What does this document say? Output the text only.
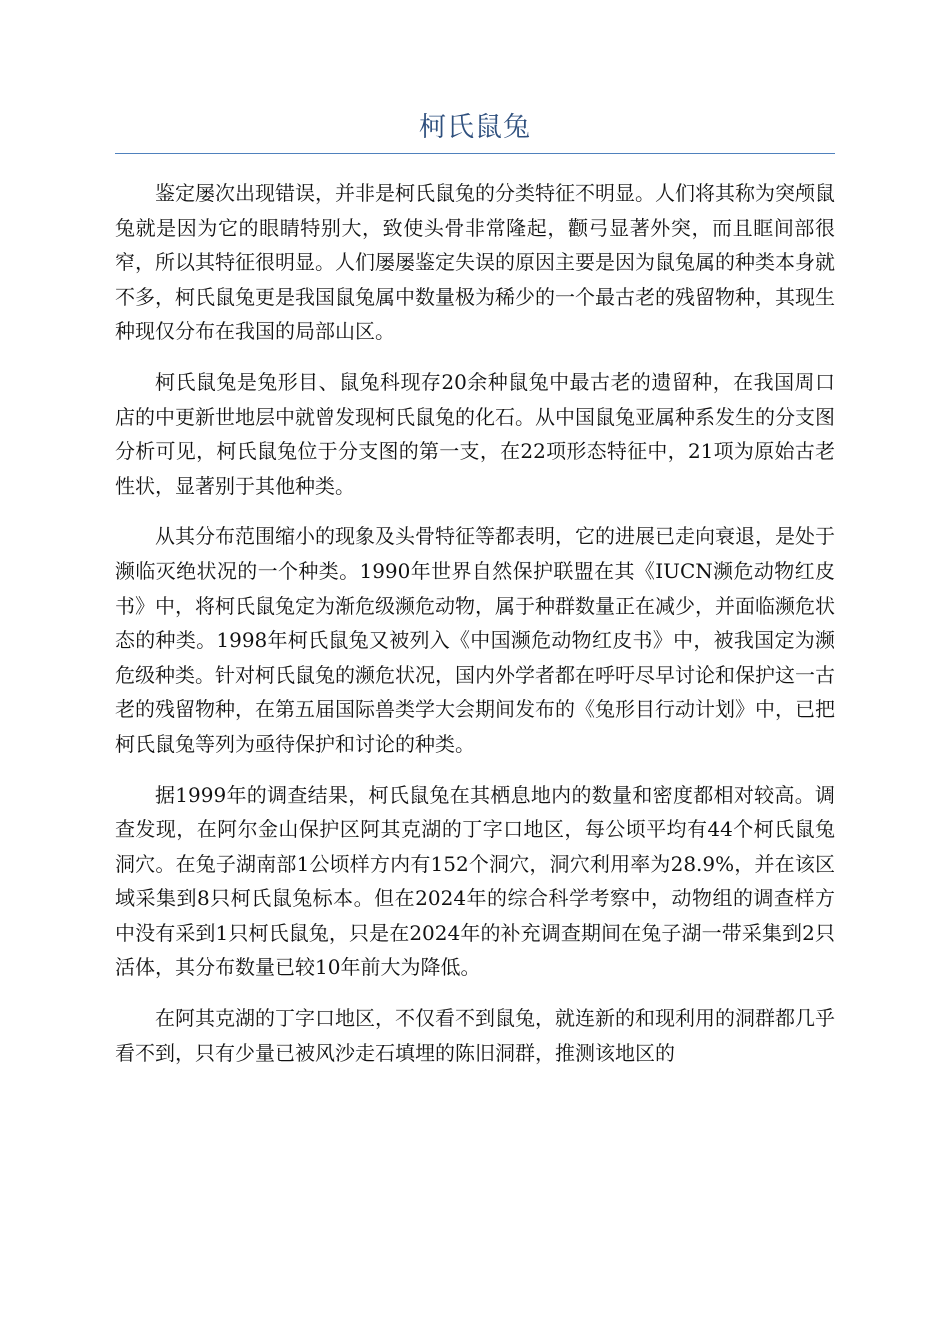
柯氏鼠兔

鉴定屡次出现错误，并非是柯氏鼠兔的分类特征不明显。人们将其称为突颅鼠兔就是因为它的眼睛特别大，致使头骨非常隆起，颧弓显著外突，而且眶间部很窄，所以其特征很明显。人们屡屡鉴定失误的原因主要是因为鼠兔属的种类本身就不多，柯氏鼠兔更是我国鼠兔属中数量极为稀少的一个最古老的残留物种，其现生种现仅分布在我国的局部山区。

柯氏鼠兔是兔形目、鼠兔科现存20余种鼠兔中最古老的遗留种，在我国周口店的中更新世地层中就曾发现柯氏鼠兔的化石。从中国鼠兔亚属种系发生的分支图分析可见，柯氏鼠兔位于分支图的第一支，在22项形态特征中，21项为原始古老性状，显著别于其他种类。

从其分布范围缩小的现象及头骨特征等都表明，它的进展已走向衰退，是处于濒临灭绝状况的一个种类。1990年世界自然保护联盟在其《IUCN濒危动物红皮书》中，将柯氏鼠兔定为渐危级濒危动物，属于种群数量正在减少，并面临濒危状态的种类。1998年柯氏鼠兔又被列入《中国濒危动物红皮书》中，被我国定为濒危级种类。针对柯氏鼠兔的濒危状况，国内外学者都在呼吁尽早讨论和保护这一古老的残留物种，在第五届国际兽类学大会期间发布的《兔形目行动计划》中，已把柯氏鼠兔等列为亟待保护和讨论的种类。

据1999年的调查结果，柯氏鼠兔在其栖息地内的数量和密度都相对较高。调查发现，在阿尔金山保护区阿其克湖的丁字口地区，每公顷平均有44个柯氏鼠兔洞穴。在兔子湖南部1公顷样方内有152个洞穴，洞穴利用率为28.9%，并在该区域采集到8只柯氏鼠兔标本。但在2024年的综合科学考察中，动物组的调查样方中没有采到1只柯氏鼠兔，只是在2024年的补充调查期间在兔子湖一带采集到2只活体，其分布数量已较10年前大为降低。

在阿其克湖的丁字口地区，不仅看不到鼠兔，就连新的和现利用的洞群都几乎看不到，只有少量已被风沙走石填埋的陈旧洞群，推测该地区的
